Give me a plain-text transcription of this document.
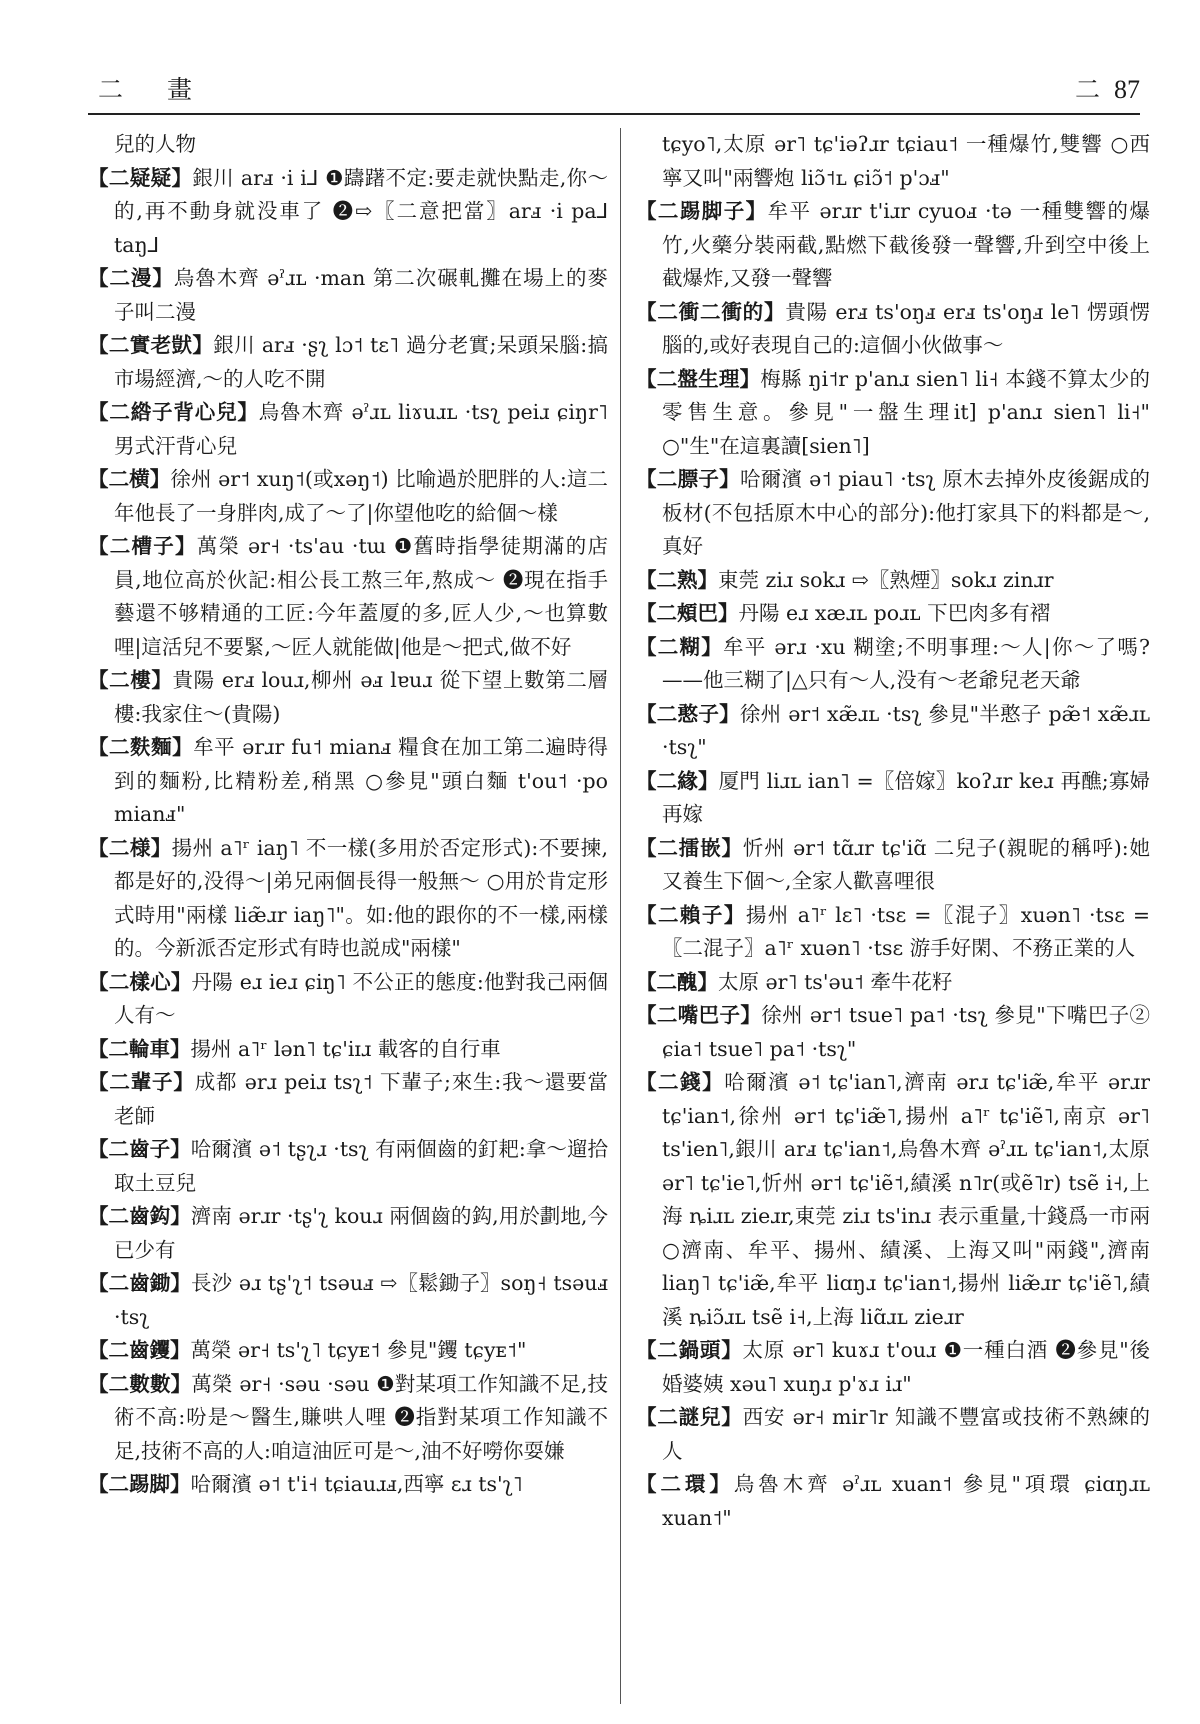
二 畫	二 87

兒的人物

【二疑疑】銀川 arⅎ ·i i⅃ ❶躊躇不定:要走就快點走,你～的,再不動身就没車了 ❷⇨〖二意把當〗arⅎ ·i pa⅃ taŋ⅃

【二漫】烏魯木齊 əˀɹʟ ·man 第二次碾軋攤在場上的麥子叫二漫

【二實老獃】銀川 arⅎ ·ʂʅ lɔ˦ tɛ˥ 過分老實;呆頭呆腦:搞市場經濟,～的人吃不開

【二綹子背心兒】烏魯木齊 əˀɹʟ liɤuɹʟ ·tsʅ peiɹ ɕiŋr˥ 男式汗背心兒

【二横】徐州 ər˦ xuŋ˦(或xəŋ˦) 比喻過於肥胖的人:這二年他長了一身胖肉,成了～了|你望他吃的給個～樣

【二槽子】萬榮 ər˧ ·ts'au ·tɯ ❶舊時指學徒期滿的店員,地位高於伙記:相公長工熬三年,熬成～ ❷現在指手藝還不够精通的工匠:今年蓋厦的多,匠人少,～也算數哩|這活兒不要緊,～匠人就能做|他是～把式,做不好

【二樓】貴陽 erⅎ louɹ,柳州 əⅎ lɐuɹ 從下望上數第二層樓:我家住～(貴陽)

【二麩麵】牟平 ərɹr fu˦ mianⅎ 糧食在加工第二遍時得到的麵粉,比精粉差,稍黑 ○參見"頭白麵 t'ou˦ ·po mianⅎ"

【二様】揚州 a˥ʳ iaŋ˥ 不一樣(多用於否定形式):不要揀,都是好的,没得～|弟兄兩個長得一般無～ ○用於肯定形式時用"兩樣 liæ̃ɹr iaŋ˥"。如:他的跟你的不一樣,兩樣的。今新派否定形式有時也説成"兩樣"

【二樣心】丹陽 eɹ ieɹ ɕiŋ˥ 不公正的態度:他對我己兩個人有～

【二輪車】揚州 a˥ʳ lən˥ tɕ'iɪɹ 載客的自行車

【二輩子】成都 ərɹ peiɹ tsʅ˦ 下輩子;來生:我～還要當老師

【二齒子】哈爾濱 ə˦ tʂʅɹ ·tsʅ 有兩個齒的釘耙:拿～遛拾取土豆兒

【二齒鈎】濟南 ərɹr ·tʂ'ʅ kouɹ 兩個齒的鈎,用於劃地,今已少有

【二齒鋤】長沙 əɹ tʂ'ʅ˦ tsəuⅎ ⇨〖鬆鋤子〗soŋ˧ tsəuⅎ ·tsʅ

【二齒钁】萬榮 ər˧ ts'ʅ˥ tɕyᴇ˦ 參見"钁 tɕyᴇ˦"

【二數數】萬榮 ər˧ ·səu ·səu ❶對某項工作知識不足,技術不高:吩是～醫生,賺哄人哩 ❷指對某項工作知識不足,技術不高的人:咱這油匠可是～,油不好嘮你耍嫌

【二踢脚】哈爾濱 ə˦ t'i˧ tɕiauɹⅎ,西寧 ɛɹ ts'ʅ˥

tɕyo˥,太原 ər˥ tɕ'iəʔɹr tɕiau˦ 一種爆竹,雙響 ○西寧又叫"兩響炮 liɔ̃˦ʟ ɕiɔ̃˦ p'ɔⅎ"

【二踢脚子】牟平 ərɹr t'iɹr cyuoⅎ ·tə 一種雙響的爆竹,火藥分裝兩截,點燃下截後發一聲響,升到空中後上截爆炸,又發一聲響

【二衝二衝的】貴陽 erⅎ ts'oŋⅎ erⅎ ts'oŋⅎ le˥ 愣頭愣腦的,或好表現自己的:這個小伙做事～

【二盤生理】梅縣 ŋi˦r p'anɹ sien˥ li˧ 本錢不算太少的零售生意。參見"一盤生理it] p'anɹ sien˥ li˧" ○"生"在這裏讀[sien˥]

【二膘子】哈爾濱 ə˦ piau˥ ·tsʅ 原木去掉外皮後鋸成的板材(不包括原木中心的部分):他打家具下的料都是～,真好

【二熟】東莞 ziɹ sokɹ ⇨〖熟煙〗sokɹ zinɹr

【二頰巴】丹陽 eɹ xæɹʟ poɹʟ 下巴肉多有褶

【二糊】牟平 ərɹ ·xu 糊塗;不明事理:～人|你～了嗎? ——他三糊了|△只有～人,没有～老爺兒老天爺

【二憨子】徐州 ər˦ xæ̃ɹʟ ·tsʅ 參見"半憨子 pæ̃˦ xæ̃ɹʟ ·tsʅ"

【二緣】厦門 liɹʟ ian˥ =〖倍嫁〗koʔɹr keɹ 再醮;寡婦再嫁

【二擂嵌】忻州 ər˦ tɑ̃ɹr tɕ'iɑ̃ 二兒子(親昵的稱呼):她又養生下個～,全家人歡喜哩很

【二賴子】揚州 a˥ʳ lɛ˥ ·tsɛ =〖混子〗xuən˥ ·tsɛ =〖二混子〗a˥ʳ xuən˥ ·tsɛ 游手好閑、不務正業的人

【二醜】太原 ər˥ ts'əu˦ 牽牛花籽

【二嘴巴子】徐州 ər˦ tsue˥ pa˦ ·tsʅ 參見"下嘴巴子② ɕia˦ tsue˥ pa˦ ·tsʅ"

【二錢】哈爾濱 ə˦ tɕ'ian˥,濟南 ərɹ tɕ'iæ̃,牟平 ərɹr tɕ'ian˦,徐州 ər˦ tɕ'iæ̃˥,揚州 a˥ʳ tɕ'iẽ˥,南京 ər˥ ts'ien˥,銀川 arⅎ tɕ'ian˦,烏魯木齊 əˀɹʟ tɕ'ian˦,太原 ər˥ tɕ'ie˥,忻州 ər˦ tɕ'iẽ˦,績溪 n˥r(或ẽ˥r) tsẽ i˧,上海 ȵiɹʟ zieɹr,東莞 ziɹ ts'inɹ 表示重量,十錢爲一市兩 ○濟南、牟平、揚州、績溪、上海又叫"兩錢",濟南 liaŋ˥ tɕ'iæ̃,牟平 liɑŋɹ tɕ'ian˦,揚州 liæ̃ɹr tɕ'iẽ˥,績溪 ȵiɔ̃ɹʟ tsẽ i˧,上海 liɑ̃ɹʟ zieɹr

【二鍋頭】太原 ər˥ kuɤɹ t'ouɹ ❶一種白酒 ❷參見"後婚婆姨 xəu˥ xuŋɹ p'ɤɹ iɹ"

【二謎兒】西安 ər˧ mir˥r 知識不豐富或技術不熟練的人

【二環】烏魯木齊 əˀɹʟ xuan˦ 參見"項環 ɕiɑŋɹʟ xuan˦"
